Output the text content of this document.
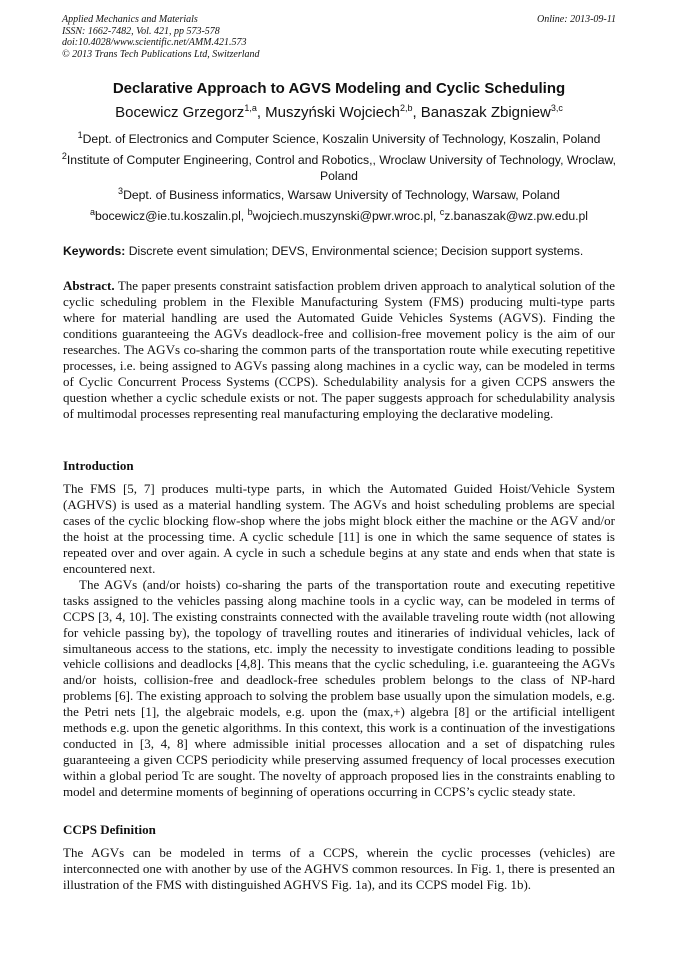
Applied Mechanics and Materials
ISSN: 1662-7482, Vol. 421, pp 573-578
doi:10.4028/www.scientific.net/AMM.421.573
© 2013 Trans Tech Publications Ltd, Switzerland
Online: 2013-09-11
Declarative Approach to AGVS Modeling and Cyclic Scheduling
Bocewicz Grzegorz$^{1,a}$, Muszyński Wojciech$^{2,b}$, Banaszak Zbigniew$^{3,c}$
$^1$Dept. of Electronics and Computer Science, Koszalin University of Technology, Koszalin, Poland
$^2$Institute of Computer Engineering, Control and Robotics,, Wroclaw University of Technology, Wroclaw, Poland
$^3$Dept. of Business informatics, Warsaw University of Technology, Warsaw, Poland
$^a$bocewicz@ie.tu.koszalin.pl, $^b$wojciech.muszynski@pwr.wroc.pl, $^c$z.banaszak@wz.pw.edu.pl
Keywords: Discrete event simulation; DEVS, Environmental science; Decision support systems.

Abstract. The paper presents constraint satisfaction problem driven approach to analytical solution of the cyclic scheduling problem in the Flexible Manufacturing System (FMS) producing multi-type parts where for material handling are used the Automated Guide Vehicles Systems (AGVS). Finding the conditions guaranteeing the AGVs deadlock-free and collision-free movement policy is the aim of our researches. The AGVs co-sharing the common parts of the transportation route while executing repetitive processes, i.e. being assigned to AGVs passing along machines in a cyclic way, can be modeled in terms of Cyclic Concurrent Process Systems (CCPS). Schedulability analysis for a given CCPS answers the question whether a cyclic schedule exists or not. The paper suggests approach for schedulability analysis of multimodal processes representing real manufacturing employing the declarative modeling.

Introduction

The FMS [5, 7] produces multi-type parts, in which the Automated Guided Hoist/Vehicle System (AGHVS) is used as a material handling system. The AGVs and hoist scheduling problems are special cases of the cyclic blocking flow-shop where the jobs might block either the machine or the AGV and/or the hoist at the processing time. A cyclic schedule [11] is one in which the same sequence of states is repeated over and over again. A cycle in such a schedule begins at any state and ends when that state is encountered next.

The AGVs (and/or hoists) co-sharing the parts of the transportation route and executing repetitive tasks assigned to the vehicles passing along machine tools in a cyclic way, can be modeled in terms of CCPS [3, 4, 10]. The existing constraints connected with the available traveling route width (not allowing for vehicle passing by), the topology of travelling routes and itineraries of individual vehicles, lack of simultaneous access to the stations, etc. imply the necessity to investigate conditions leading to possible vehicle collisions and deadlocks [4,8]. This means that the cyclic scheduling, i.e. guaranteeing the AGVs and/or hoists, collision-free and deadlock-free schedules problem belongs to the class of NP-hard problems [6]. The existing approach to solving the problem base usually upon the simulation models, e.g. the Petri nets [1], the algebraic models, e.g. upon the (max,+) algebra [8] or the artificial intelligent methods e.g. upon the genetic algorithms. In this context, this work is a continuation of the investigations conducted in [3, 4, 8] where admissible initial processes allocation and a set of dispatching rules guaranteeing a given CCPS periodicity while preserving assumed frequency of local processes execution within a global period Tc are sought. The novelty of approach proposed lies in the constraints enabling to model and determine moments of beginning of operations occurring in CCPS’s cyclic steady state.

CCPS Definition

The AGVs can be modeled in terms of a CCPS, wherein the cyclic processes (vehicles) are interconnected one with another by use of the AGHVS common resources. In Fig. 1, there is presented an illustration of the FMS with distinguished AGHVS Fig. 1a), and its CCPS model Fig. 1b).
